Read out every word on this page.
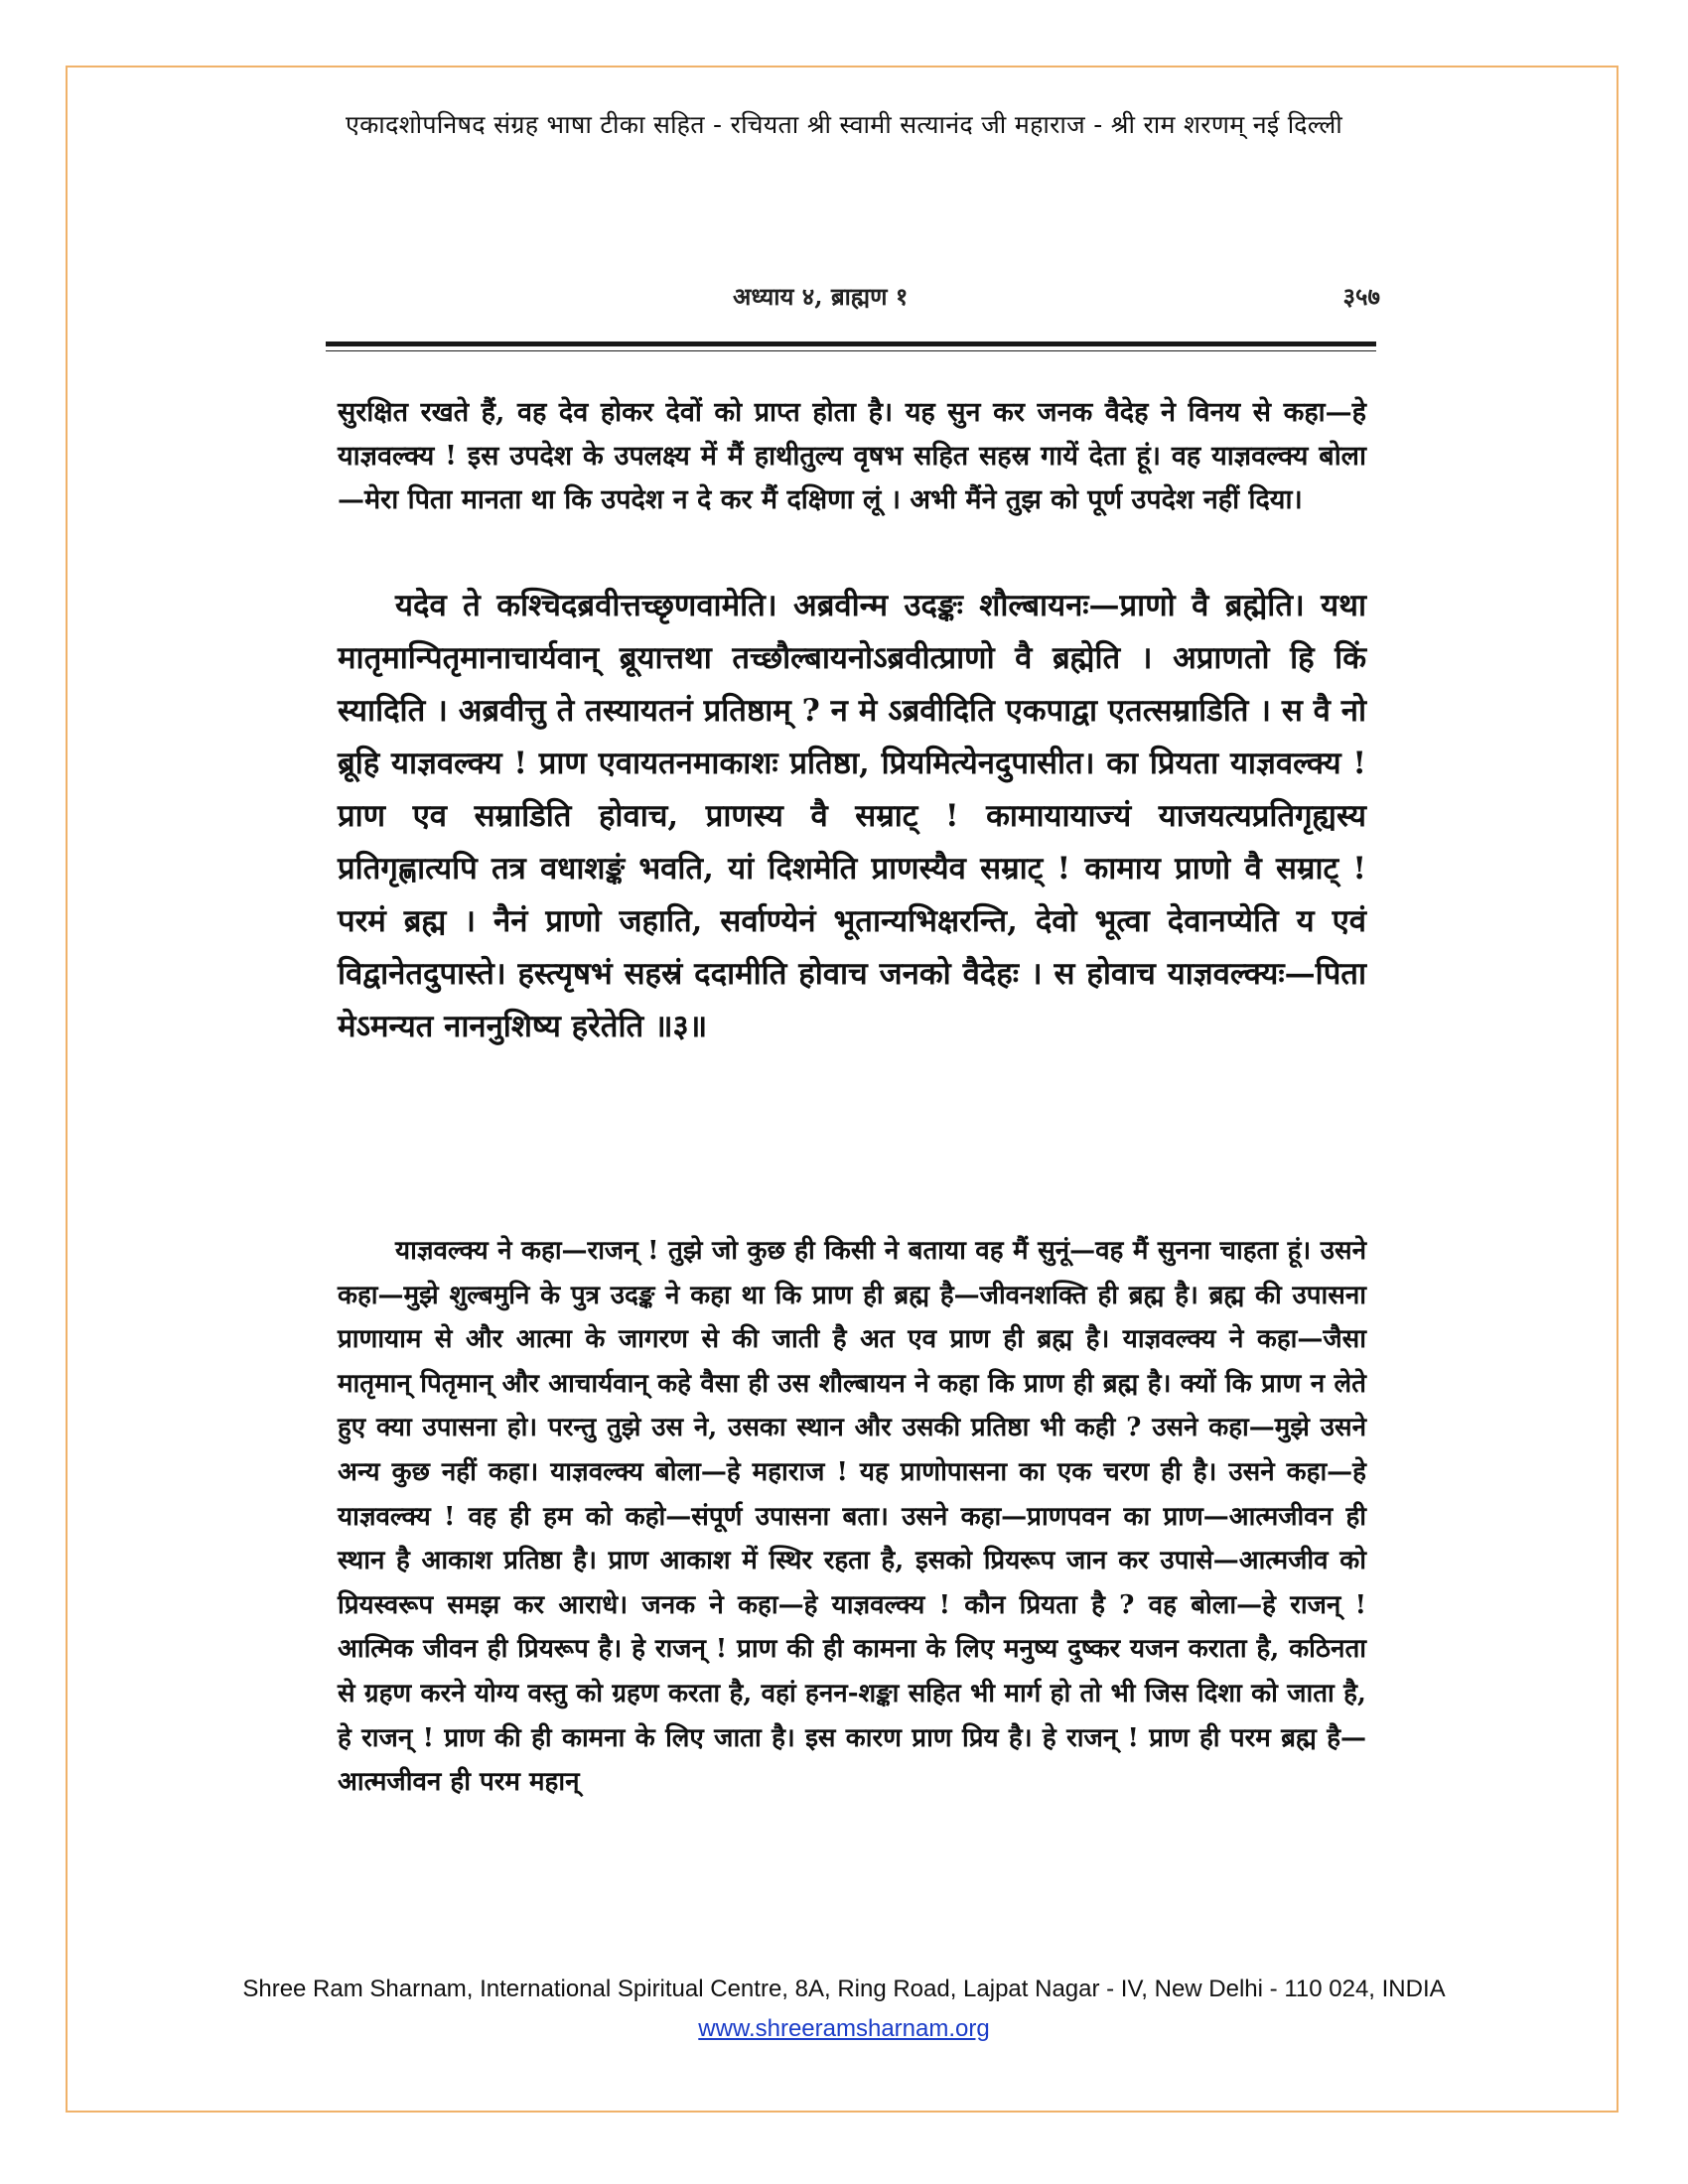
एकादशोपनिषद संग्रह भाषा टीका सहित - रचियता श्री स्वामी सत्यानंद जी महाराज - श्री राम शरणम् नई दिल्ली
अध्याय ४, ब्राह्मण १	३५७
सुरक्षित रखते हैं, वह देव होकर देवों को प्राप्त होता है। यह सुन कर जनक वैदेह ने विनय से कहा—हे याज्ञवल्क्य ! इस उपदेश के उपलक्ष्य में मैं हाथीतुल्य वृषभ सहित सहस्र गायें देता हूं। वह याज्ञवल्क्य बोला —मेरा पिता मानता था कि उपदेश न दे कर मैं दक्षिणा लूं । अभी मैंने तुझ को पूर्ण उपदेश नहीं दिया।
यदेव ते कश्चिदब्रवीत्तच्छृणवामेति। अब्रवीन्म उदङ्कः शौल्बायनः—प्राणो वै ब्रह्मेति। यथा मातृमान्पितृमानाचार्यवान् ब्रूयात्तथा तच्छौल्बायनोऽब्रवीत्प्राणो वै ब्रह्मेति । अप्राणतो हि किं स्यादिति । अब्रवीत्तु ते तस्यायतनं प्रतिष्ठाम् ? न मे ऽब्रवीदिति एकपाद्वा एतत्सम्राडिति । स वै नो ब्रूहि याज्ञवल्क्य ! प्राण एवायतनमाकाशः प्रतिष्ठा, प्रियमित्येनदुपासीत। का प्रियता याज्ञवल्क्य ! प्राण एव सम्राडिति होवाच, प्राणस्य वै सम्राट् ! कामायायाज्यं याजयत्यप्रतिगृह्यस्य प्रतिगृह्णात्यपि तत्र वधाशङ्कं भवति, यां दिशमेति प्राणस्यैव सम्राट् ! कामाय प्राणो वै सम्राट् ! परमं ब्रह्म । नैनं प्राणो जहाति, सर्वाण्येनं भूतान्यभिक्षरन्ति, देवो भूत्वा देवानप्येति य एवं विद्वानेतदुपास्ते। हस्त्यृषभं सहस्रं ददामीति होवाच जनको वैदेहः । स होवाच याज्ञवल्क्यः—पिता मेऽमन्यत नाननुशिष्य हरेतेति ॥३॥
याज्ञवल्क्य ने कहा—राजन् ! तुझे जो कुछ ही किसी ने बताया वह मैं सुनूं—वह मैं सुनना चाहता हूं। उसने कहा—मुझे शुल्बमुनि के पुत्र उदङ्क ने कहा था कि प्राण ही ब्रह्म है—जीवनशक्ति ही ब्रह्म है। ब्रह्म की उपासना प्राणायाम से और आत्मा के जागरण से की जाती है अत एव प्राण ही ब्रह्म है। याज्ञवल्क्य ने कहा—जैसा मातृमान् पितृमान् और आचार्यवान् कहे वैसा ही उस शौल्बायन ने कहा कि प्राण ही ब्रह्म है। क्यों कि प्राण न लेते हुए क्या उपासना हो। परन्तु तुझे उस ने, उसका स्थान और उसकी प्रतिष्ठा भी कही ? उसने कहा—मुझे उसने अन्य कुछ नहीं कहा। याज्ञवल्क्य बोला—हे महाराज ! यह प्राणोपासना का एक चरण ही है। उसने कहा—हे याज्ञवल्क्य ! वह ही हम को कहो—संपूर्ण उपासना बता। उसने कहा—प्राणपवन का प्राण—आत्मजीवन ही स्थान है आकाश प्रतिष्ठा है। प्राण आकाश में स्थिर रहता है, इसको प्रियरूप जान कर उपासे—आत्मजीव को प्रियस्वरूप समझ कर आराधे। जनक ने कहा—हे याज्ञवल्क्य ! कौन प्रियता है ? वह बोला—हे राजन् ! आत्मिक जीवन ही प्रियरूप है। हे राजन् ! प्राण की ही कामना के लिए मनुष्य दुष्कर यजन कराता है, कठिनता से ग्रहण करने योग्य वस्तु को ग्रहण करता है, वहां हनन-शङ्का सहित भी मार्ग हो तो भी जिस दिशा को जाता है, हे राजन् ! प्राण की ही कामना के लिए जाता है। इस कारण प्राण प्रिय है। हे राजन् ! प्राण ही परम ब्रह्म है—आत्मजीवन ही परम महान्
Shree Ram Sharnam, International Spiritual Centre, 8A, Ring Road, Lajpat Nagar - IV, New Delhi - 110 024, INDIA
www.shreeramsharnam.org
